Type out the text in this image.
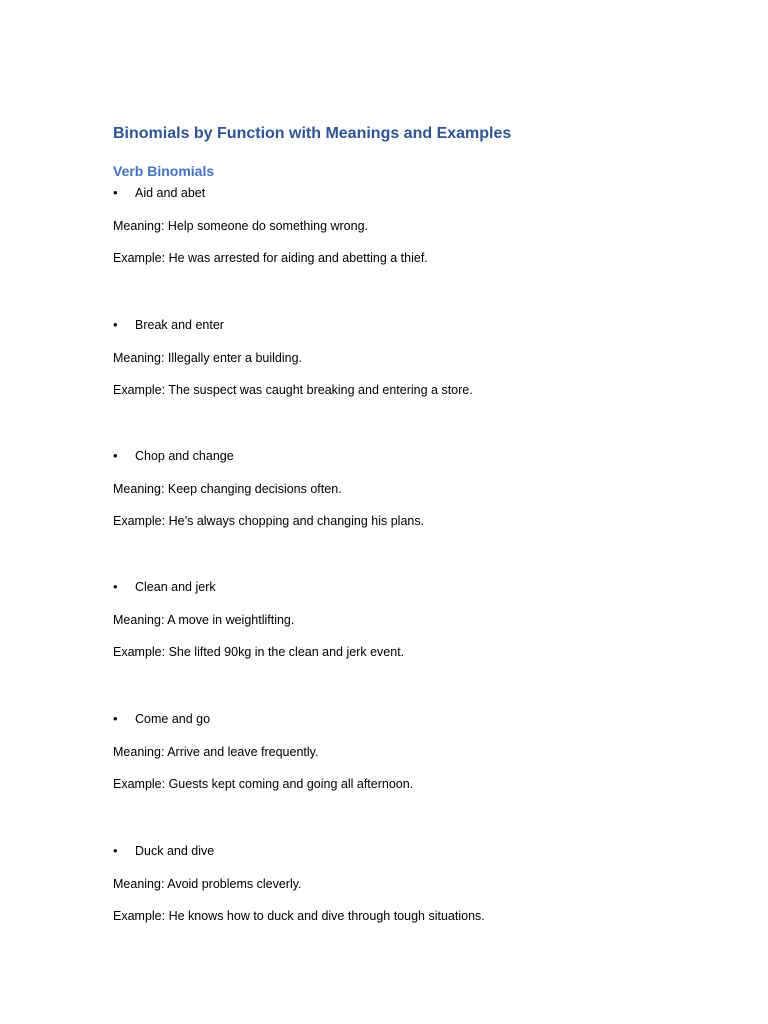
Binomials by Function with Meanings and Examples
Verb Binomials
• Aid and abet
Meaning: Help someone do something wrong.
Example: He was arrested for aiding and abetting a thief.
• Break and enter
Meaning: Illegally enter a building.
Example: The suspect was caught breaking and entering a store.
• Chop and change
Meaning: Keep changing decisions often.
Example: He’s always chopping and changing his plans.
• Clean and jerk
Meaning: A move in weightlifting.
Example: She lifted 90kg in the clean and jerk event.
• Come and go
Meaning: Arrive and leave frequently.
Example: Guests kept coming and going all afternoon.
• Duck and dive
Meaning: Avoid problems cleverly.
Example: He knows how to duck and dive through tough situations.
